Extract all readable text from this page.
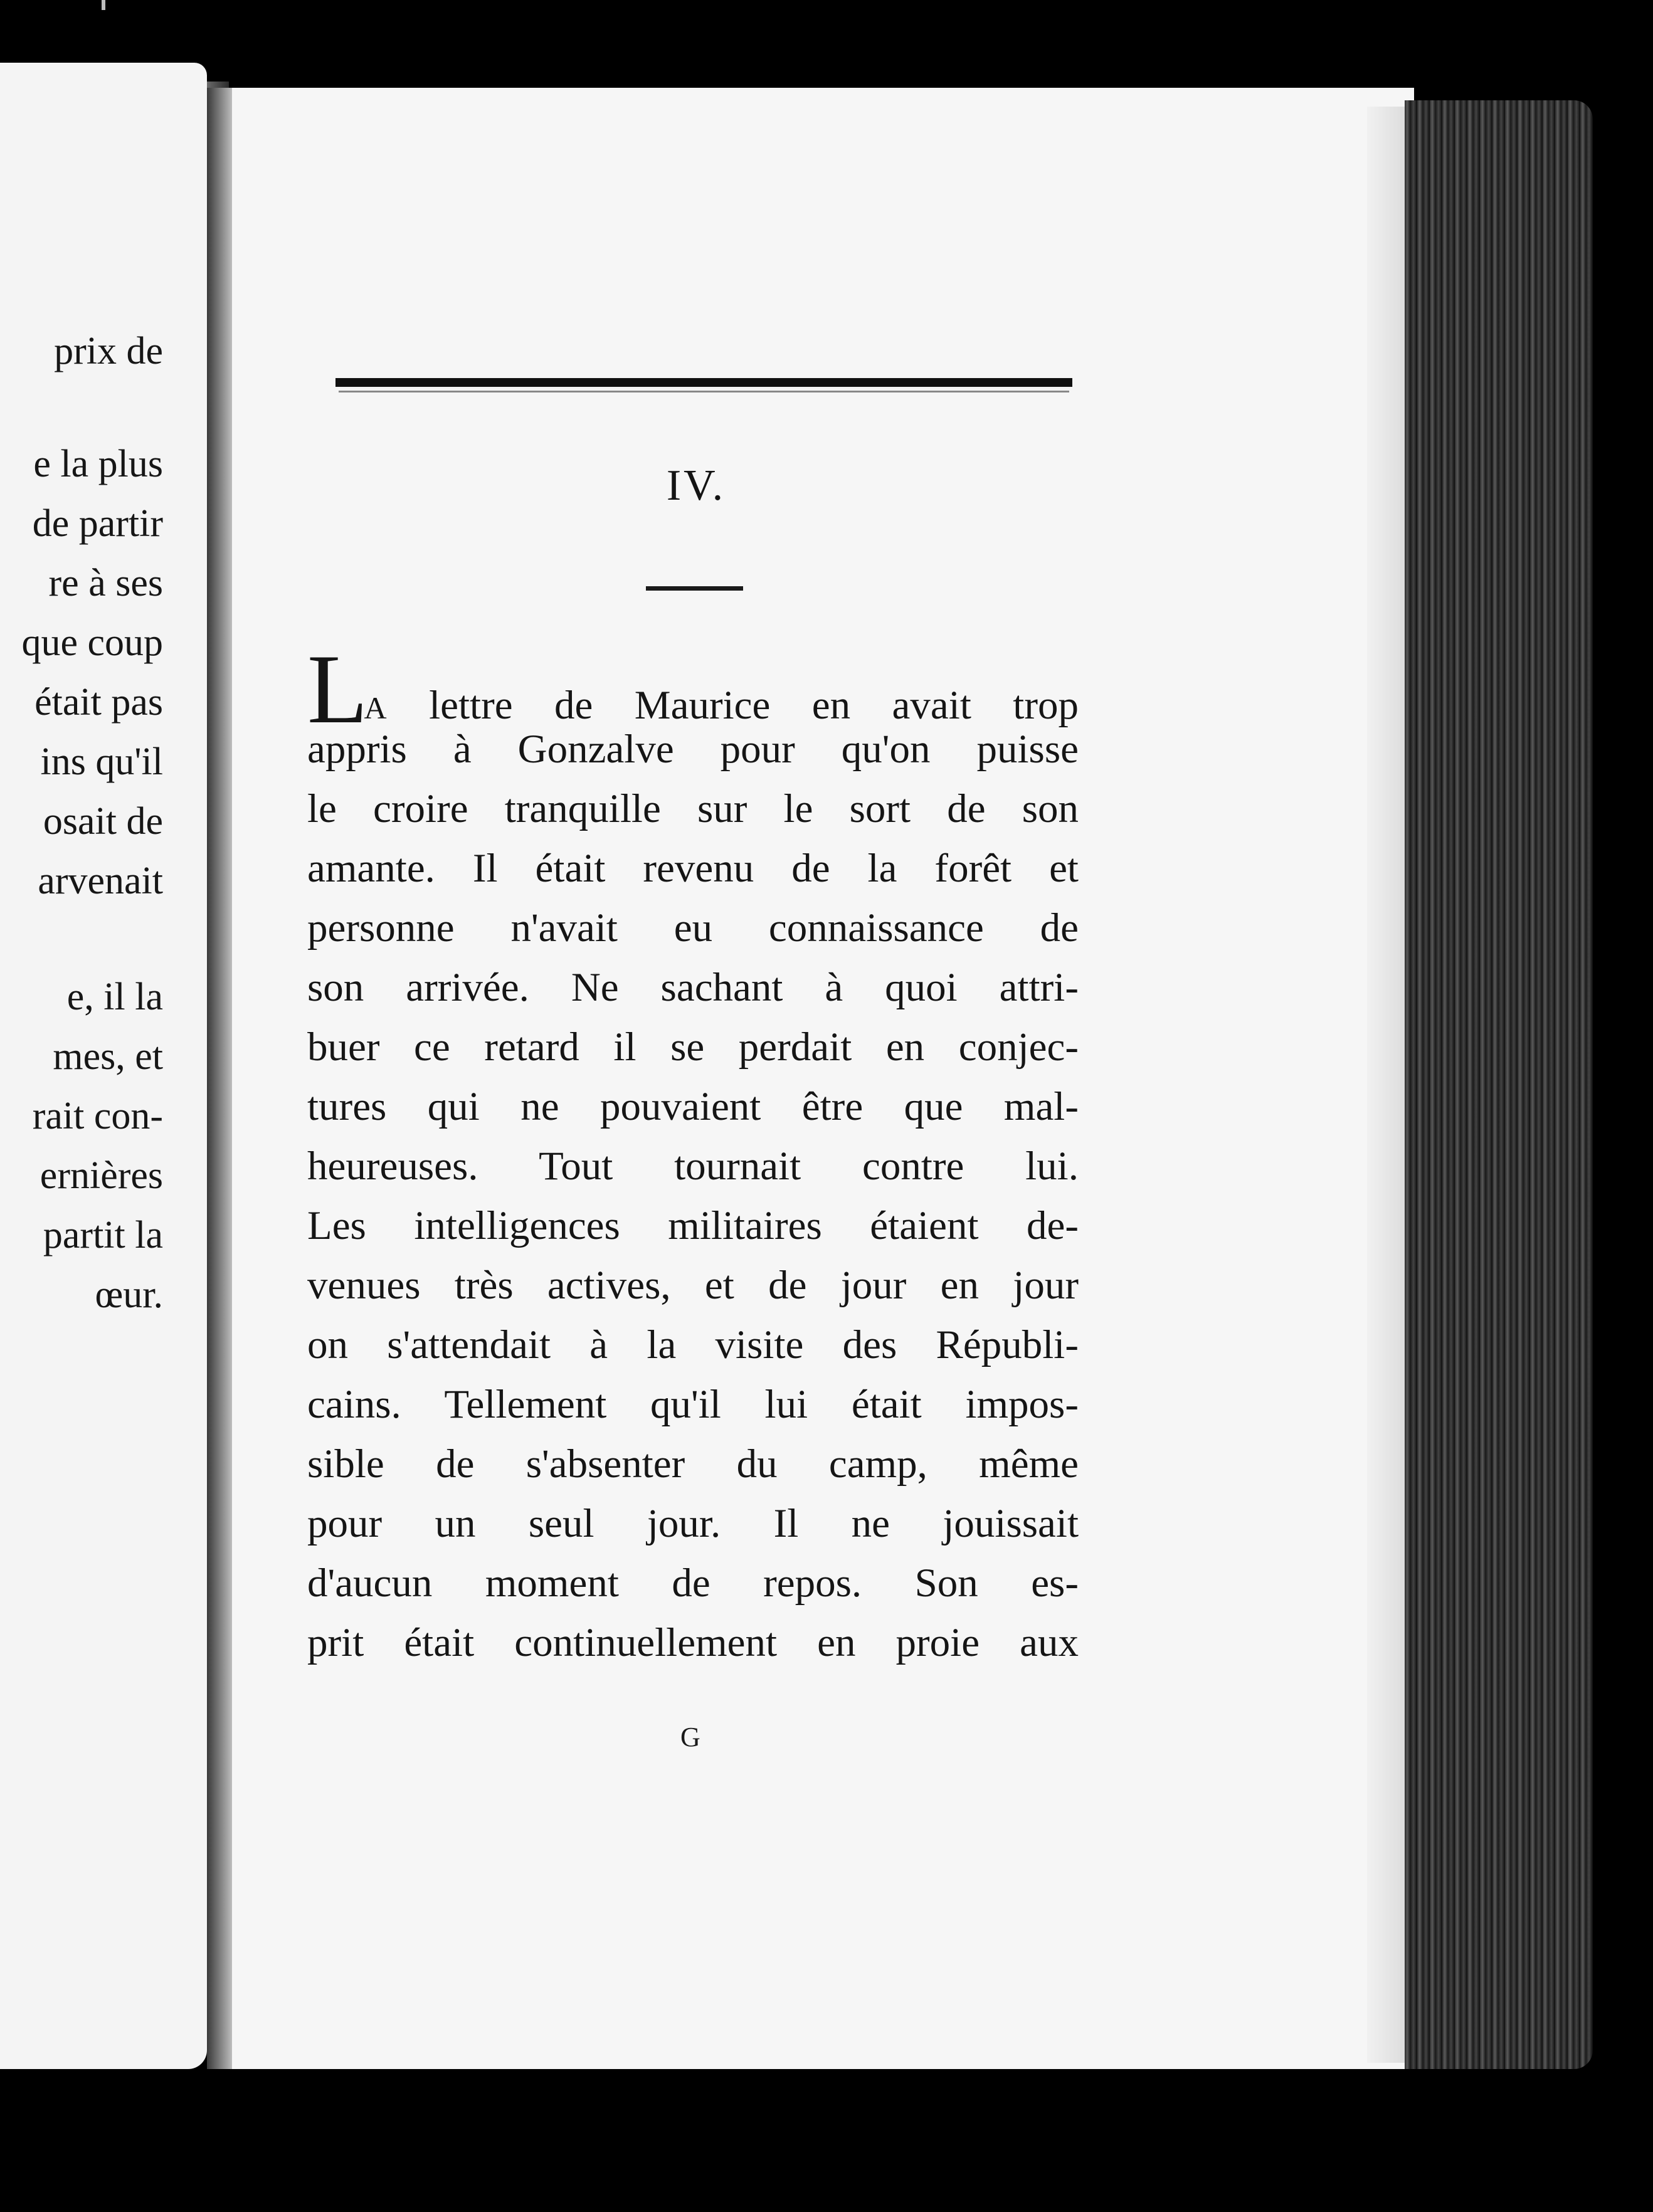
prix de
e la plus
de partir
re à ses
que coup
était pas
ins qu'il
osait de
arvenait
e, il la
mes, et
rait con-
ernières
partit la
œur.
IV.
LA lettre de Maurice en avait trop
appris à Gonzalve pour qu'on puisse
le croire tranquille sur le sort de son
amante. Il était revenu de la forêt et
personne n'avait eu connaissance de
son arrivée. Ne sachant à quoi attri-
buer ce retard il se perdait en conjec-
tures qui ne pouvaient être que mal-
heureuses. Tout tournait contre lui.
Les intelligences militaires étaient de-
venues très actives, et de jour en jour
on s'attendait à la visite des Républi-
cains. Tellement qu'il lui était impos-
sible de s'absenter du camp, même
pour un seul jour. Il ne jouissait
d'aucun moment de repos. Son es-
prit était continuellement en proie aux
G
